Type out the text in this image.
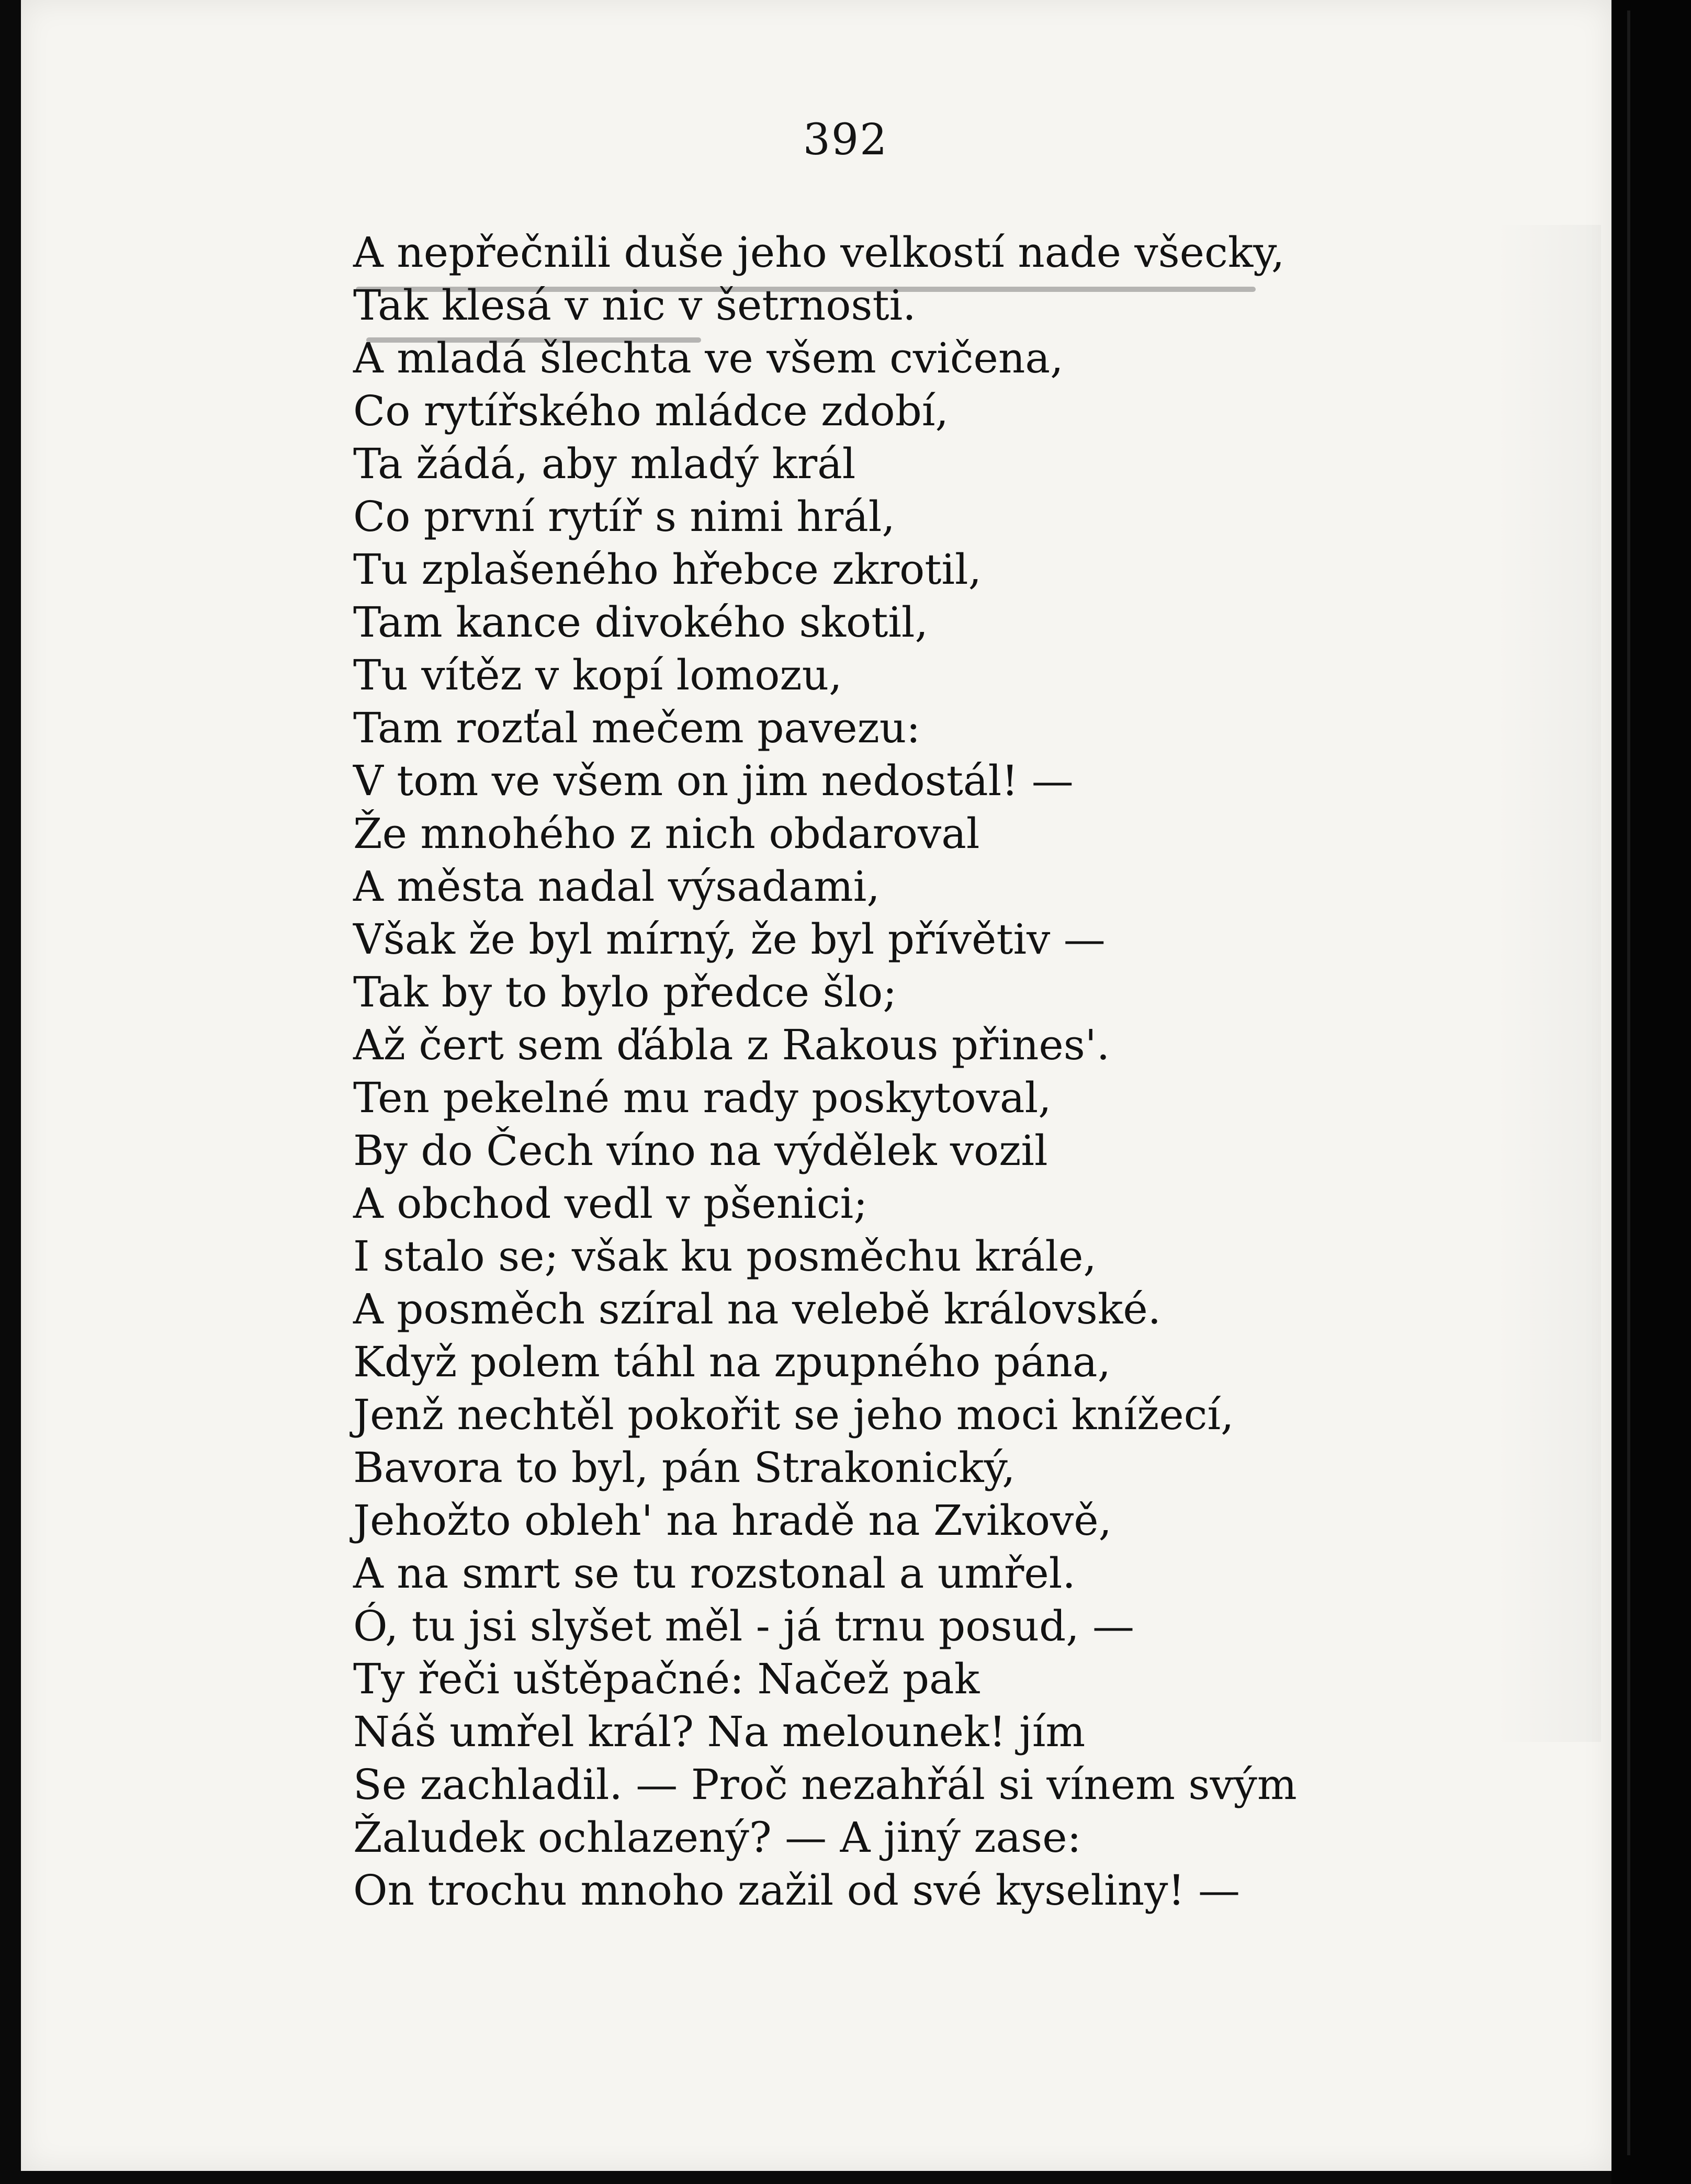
392
A nepřečnili duše jeho velkostí nade všecky,
Tak klesá v nic v šetrnosti.
A mladá šlechta ve všem cvičena,
Co rytířského mládce zdobí,
Ta žádá, aby mladý král
Co první rytíř s nimi hrál,
Tu zplašeného hřebce zkrotil,
Tam kance divokého skotil,
Tu vítěz v kopí lomozu,
Tam rozťal mečem pavezu:
V tom ve všem on jim nedostál! —
Že mnohého z nich obdaroval
A města nadal výsadami,
Však že byl mírný, že byl přívětiv —
Tak by to bylo předce šlo;
Až čert sem ďábla z Rakous přines'.
Ten pekelné mu rady poskytoval,
By do Čech víno na výdělek vozil
A obchod vedl v pšenici;
I stalo se; však ku posměchu krále,
A posměch szíral na velebě královské.
Když polem táhl na zpupného pána,
Jenž nechtěl pokořit se jeho moci knížecí,
Bavora to byl, pán Strakonický,
Jehožto obleh' na hradě na Zvikově,
A na smrt se tu rozstonal a umřel.
Ó, tu jsi slyšet měl - já trnu posud, —
Ty řeči uštěpačné: Načež pak
Náš umřel král? Na melounek! jím
Se zachladil. — Proč nezahřál si vínem svým
Žaludek ochlazený? — A jiný zase:
On trochu mnoho zažil od své kyseliny! —
